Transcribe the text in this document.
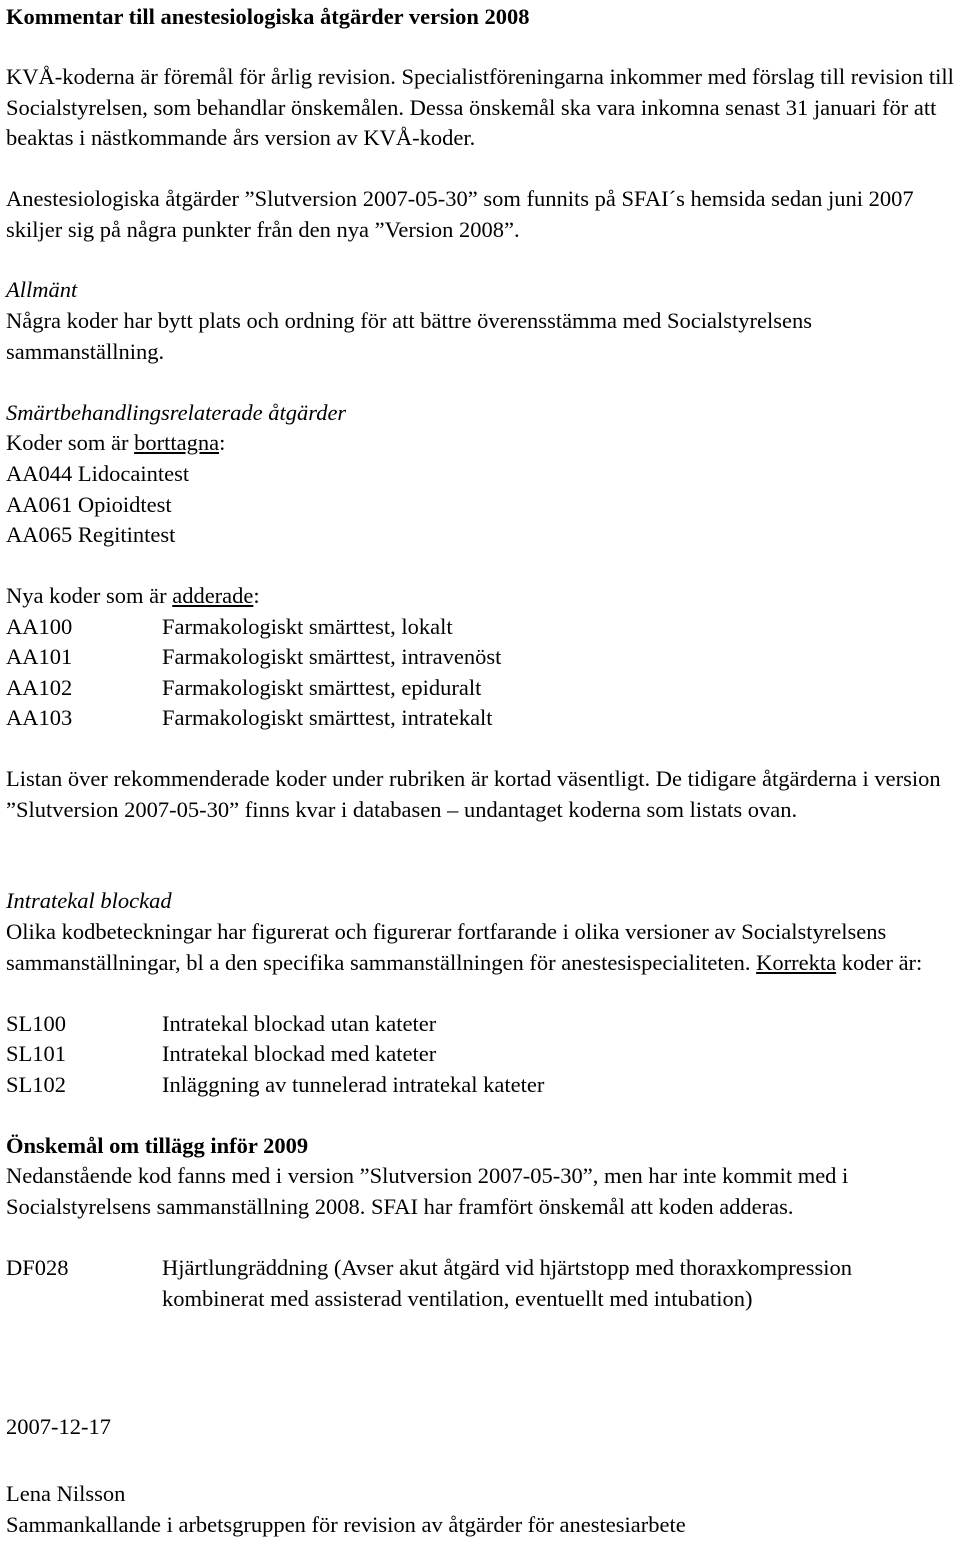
Kommentar till anestesiologiska åtgärder version 2008
KVÅ-koderna är föremål för årlig revision. Specialistföreningarna inkommer med förslag till revision till Socialstyrelsen, som behandlar önskemålen. Dessa önskemål ska vara inkomna senast 31 januari för att beaktas i nästkommande års version av KVÅ-koder.
Anestesiologiska åtgärder ”Slutversion 2007-05-30” som funnits på SFAI´s hemsida sedan juni 2007 skiljer sig på några punkter från den nya ”Version 2008”.
Allmänt
Några koder har bytt plats och ordning för att bättre överensstämma med Socialstyrelsens sammanställning.
Smärtbehandlingsrelaterade åtgärder
Koder som är borttagna:
AA044 Lidocaintest
AA061 Opioidtest
AA065 Regitintest
Nya koder som är adderade:
AA100	Farmakologiskt smärttest, lokalt
AA101	Farmakologiskt smärttest, intravenöst
AA102	Farmakologiskt smärttest, epiduralt
AA103	Farmakologiskt smärttest, intratekalt
Listan över rekommenderade koder under rubriken är kortad väsentligt. De tidigare åtgärderna i version ”Slutversion 2007-05-30” finns kvar i databasen – undantaget koderna som listats ovan.
Intratekal blockad
Olika kodbeteckningar har figurerat och figurerar fortfarande i olika versioner av Socialstyrelsens sammanställningar, bl a den specifika sammanställningen för anestesispecialiteten. Korrekta koder är:
SL100	Intratekal blockad utan kateter
SL101	Intratekal blockad med kateter
SL102	Inläggning av tunnelerad intratekal kateter
Önskemål om tillägg inför 2009
Nedanstående kod fanns med i version ”Slutversion 2007-05-30”, men har inte kommit med i Socialstyrelsens sammanställning 2008. SFAI har framfört önskemål att koden adderas.
DF028	Hjärtlungräddning (Avser akut åtgärd vid hjärtstopp med thoraxkompression kombinerat med assisterad ventilation, eventuellt med intubation)
2007-12-17
Lena Nilsson
Sammankallande i arbetsgruppen för revision av åtgärder för anestesiarbete
